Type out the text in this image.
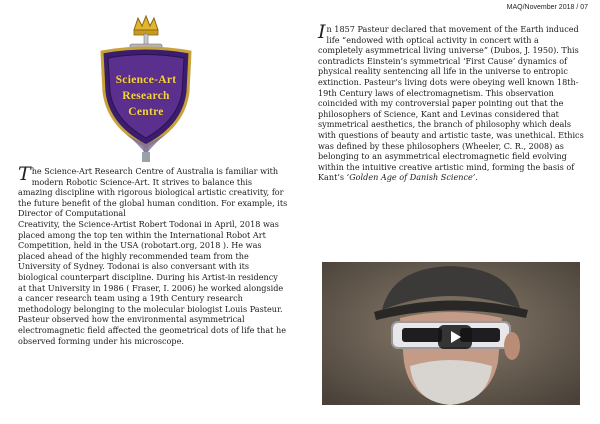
MAQ/November 2018 / 07
Science-Art
Research
Centre

The Science-Art Research Centre of Australia is familiar with modern Robotic Science-Art. It strives to balance this amazing discipline with rigorous biological artistic creativity, for the future benefit of the global human condition. For example, its Director of Computational

Creativity, the Science-Artist Robert Todonai in April, 2018 was placed among the top ten within the International Robot Art Competition, held in the USA (robotart.org, 2018 ). He was placed ahead of the highly recommended team from the University of Sydney. Todonai is also conversant with its biological counterpart discipline. During his Artist-in residency at that University in 1986 ( Fraser, I. 2006) he worked alongside a cancer research team using a 19th Century research methodology belonging to the molecular biologist Louis Pasteur. Pasteur observed how the environmental asymmetrical electromagnetic field affected the geometrical dots of life that he observed forming under his microscope.

In 1857 Pasteur declared that movement of the Earth induced life “endowed with optical activity in concert with a completely asymmetrical living universe” (Dubos, J. 1950). This contradicts Einstein’s symmetrical ‘First Cause’ dynamics of physical reality sentencing all life in the universe to entropic extinction. Pasteur’s living dots were obeying well known 18th-19th Century laws of electromagnetism. This observation coincided with my controversial paper pointing out that the philosophers of Science, Kant and Levinas considered that symmetrical aesthetics, the branch of philosophy which deals with questions of beauty and artistic taste, was unethical. Ethics was defined by these philosophers (Wheeler, C. R., 2008) as belonging to an asymmetrical electromagnetic field evolving within the intuitive creative artistic mind, forming the basis of Kant’s ‘Golden Age of Danish Science’.
